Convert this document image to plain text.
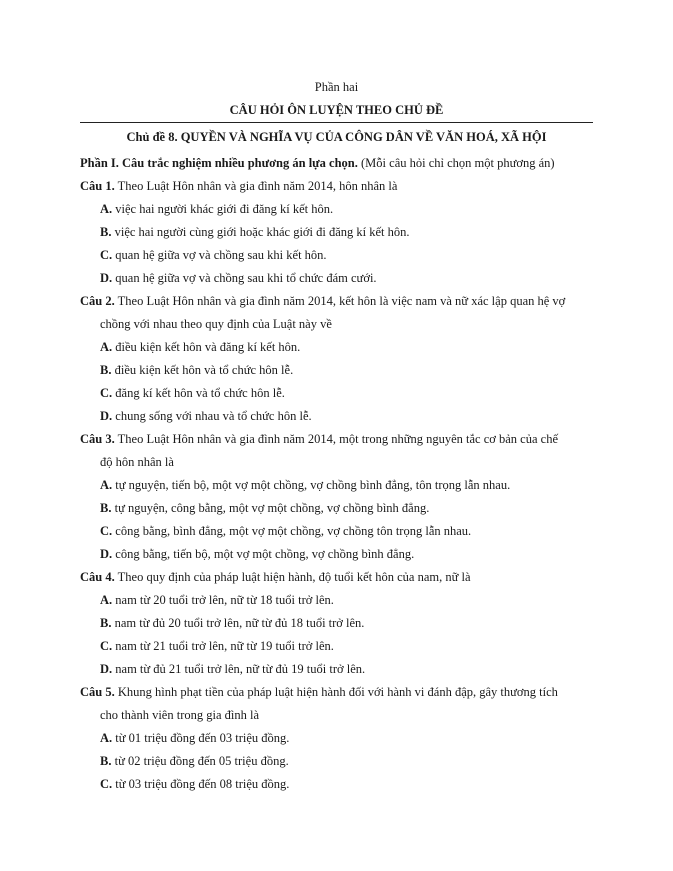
Phần hai
CÂU HỎI ÔN LUYỆN THEO CHỦ ĐỀ
Chủ đề 8. QUYỀN VÀ NGHĨA VỤ CỦA CÔNG DÂN VỀ VĂN HOÁ, XÃ HỘI

Phần I. Câu trắc nghiệm nhiều phương án lựa chọn. (Mỗi câu hỏi chỉ chọn một phương án)

Câu 1. Theo Luật Hôn nhân và gia đình năm 2014, hôn nhân là

A. việc hai người khác giới đi đăng kí kết hôn.

B. việc hai người cùng giới hoặc khác giới đi đăng kí kết hôn.

C. quan hệ giữa vợ và chồng sau khi kết hôn.

D. quan hệ giữa vợ và chồng sau khi tổ chức đám cưới.

Câu 2. Theo Luật Hôn nhân và gia đình năm 2014, kết hôn là việc nam và nữ xác lập quan hệ vợ

chồng với nhau theo quy định của Luật này về

A. điều kiện kết hôn và đăng kí kết hôn.

B. điều kiện kết hôn và tổ chức hôn lễ.

C. đăng kí kết hôn và tổ chức hôn lễ.

D. chung sống với nhau và tổ chức hôn lễ.

Câu 3. Theo Luật Hôn nhân và gia đình năm 2014, một trong những nguyên tắc cơ bản của chế

độ hôn nhân là

A. tự nguyện, tiến bộ, một vợ một chồng, vợ chồng bình đẳng, tôn trọng lẫn nhau.

B. tự nguyện, công bằng, một vợ một chồng, vợ chồng bình đẳng.

C. công bằng, bình đẳng, một vợ một chồng, vợ chồng tôn trọng lẫn nhau.

D. công bằng, tiến bộ, một vợ một chồng, vợ chồng bình đẳng.

Câu 4. Theo quy định của pháp luật hiện hành, độ tuổi kết hôn của nam, nữ là

A. nam từ 20 tuổi trở lên, nữ từ 18 tuổi trở lên.

B. nam từ đủ 20 tuổi trở lên, nữ từ đủ 18 tuổi trở lên.

C. nam từ 21 tuổi trở lên, nữ từ 19 tuổi trở lên.

D. nam từ đủ 21 tuổi trở lên, nữ từ đủ 19 tuổi trở lên.

Câu 5. Khung hình phạt tiền của pháp luật hiện hành đối với hành vi đánh đập, gây thương tích

cho thành viên trong gia đình là

A. từ 01 triệu đồng đến 03 triệu đồng.

B. từ 02 triệu đồng đến 05 triệu đồng.

C. từ 03 triệu đồng đến 08 triệu đồng.
